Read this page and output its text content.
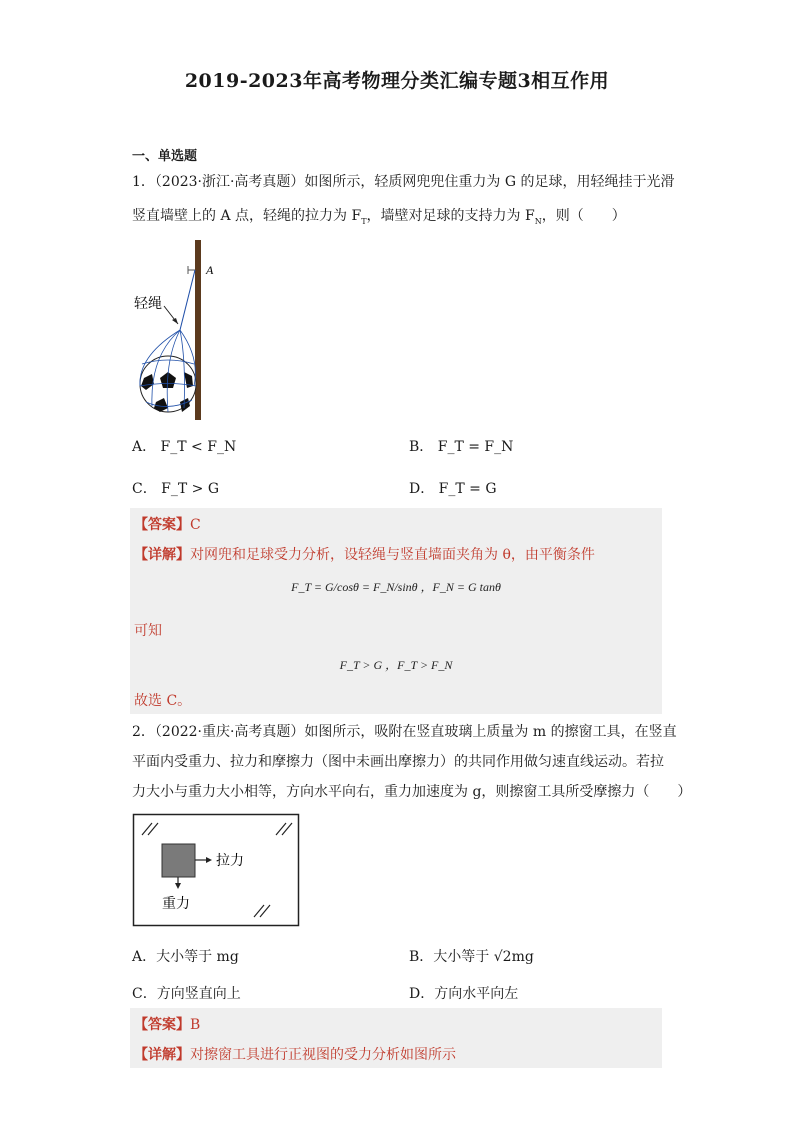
2019-2023年高考物理分类汇编专题3相互作用
一、单选题
1．（2023·浙江·高考真题）如图所示，轻质网兜兜住重力为 G 的足球，用轻绳挂于光滑
竖直墙壁上的 A 点，轻绳的拉力为 $F_T$，墙壁对足球的支持力为 $F_N$，则（　　）
A
轻绳
A． F_T < F_N	B． F_T = F_N
C． F_T > G	D． F_T = G
【答案】C
【详解】对网兜和足球受力分析，设轻绳与竖直墙面夹角为 θ，由平衡条件
F_T = G/cosθ = F_N/sinθ ，F_N = G tanθ
可知
F_T > G ，F_T > F_N
故选 C。
2．（2022·重庆·高考真题）如图所示，吸附在竖直玻璃上质量为 m 的擦窗工具，在竖直
平面内受重力、拉力和摩擦力（图中未画出摩擦力）的共同作用做匀速直线运动。若拉
力大小与重力大小相等，方向水平向右，重力加速度为 g，则擦窗工具所受摩擦力（　　）
拉力
重力
A．大小等于 mg	B．大小等于 √2mg
C．方向竖直向上	D．方向水平向左
【答案】B
【详解】对擦窗工具进行正视图的受力分析如图所示
